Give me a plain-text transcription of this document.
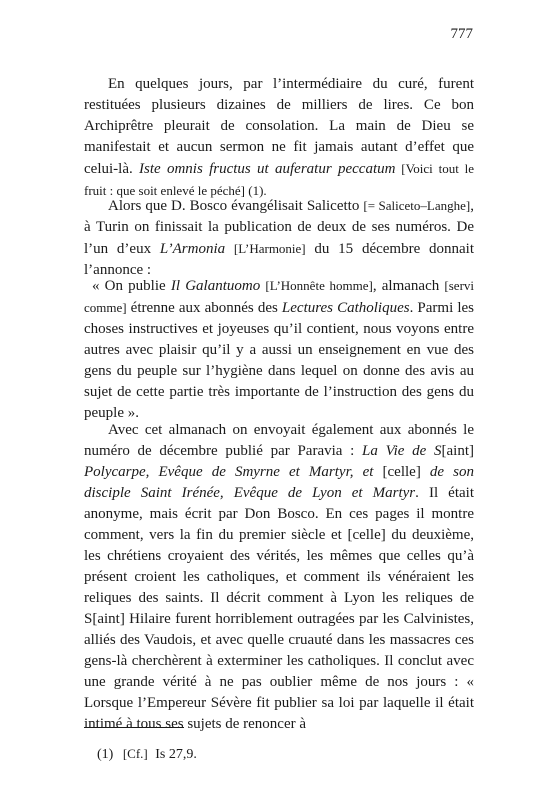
777
En quelques jours, par l’intermédiaire du curé, furent restituées plusieurs dizaines de milliers de lires. Ce bon Archiprêtre pleurait de consolation. La main de Dieu se manifestait et aucun sermon ne fit jamais autant d’effet que celui-là. Iste omnis fructus ut auferatur peccatum [Voici tout le fruit : que soit enlevé le péché] (1).
Alors que D. Bosco évangélisait Salicetto [= Saliceto–Langhe], à Turin on finissait la publication de deux de ses numéros. De l’un d’eux L’Armonia [L’Harmonie] du 15 décembre donnait l’annonce :
« On publie Il Galantuomo [L’Honnête homme], almanach [servi comme] étrenne aux abonnés des Lectures Catholiques. Parmi les choses instructives et joyeuses qu’il contient, nous voyons entre autres avec plaisir qu’il y a aussi un enseignement en vue des gens du peuple sur l’hygiène dans lequel on donne des avis au sujet de cette partie très importante de l’instruction des gens du peuple ».
Avec cet almanach on envoyait également aux abonnés le numéro de décembre publié par Paravia : La Vie de S[aint] Polycarpe, Evêque de Smyrne et Martyr, et [celle] de son disciple Saint Irénée, Evêque de Lyon et Martyr. Il était anonyme, mais écrit par Don Bosco. En ces pages il montre comment, vers la fin du premier siècle et [celle] du deuxième, les chrétiens croyaient des vérités, les mêmes que celles qu’à présent croient les catholiques, et comment ils vénéraient les reliques des saints. Il décrit comment à Lyon les reliques de S[aint] Hilaire furent horriblement outragées par les Calvinistes, alliés des Vaudois, et avec quelle cruauté dans les massacres ces gens-là cherchèrent à exterminer les catholiques. Il conclut avec une grande vérité à ne pas oublier même de nos jours : « Lorsque l’Empereur Sévère fit publier sa loi par laquelle il était intimé à tous ses sujets de renoncer à
(1) [Cf.] Is 27,9.
